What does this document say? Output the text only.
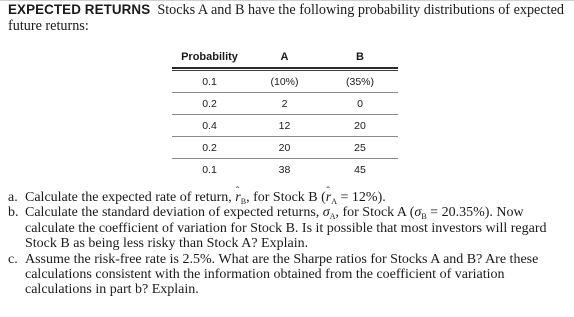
EXPECTED RETURNS Stocks A and B have the following probability distributions of expected future returns:
Probability	A	B
0.1	(10%)	(35%)
0.2	2	0
0.4	12	20
0.2	20	25
0.1	38	45
a. Calculate the expected rate of return, ˆ $r_B$, for Stock B (ˆ $r_A = 12\%$).
b. Calculate the standard deviation of expected returns, $\sigma_A$, for Stock A $(\sigma_B = 20.35\%)$. Now calculate the coefficient of variation for Stock B. Is it possible that most investors will regard Stock B as being less risky than Stock A? Explain.
c. Assume the risk-free rate is 2.5%. What are the Sharpe ratios for Stocks A and B? Are these calculations consistent with the information obtained from the coefficient of variation calculations in part b? Explain.
